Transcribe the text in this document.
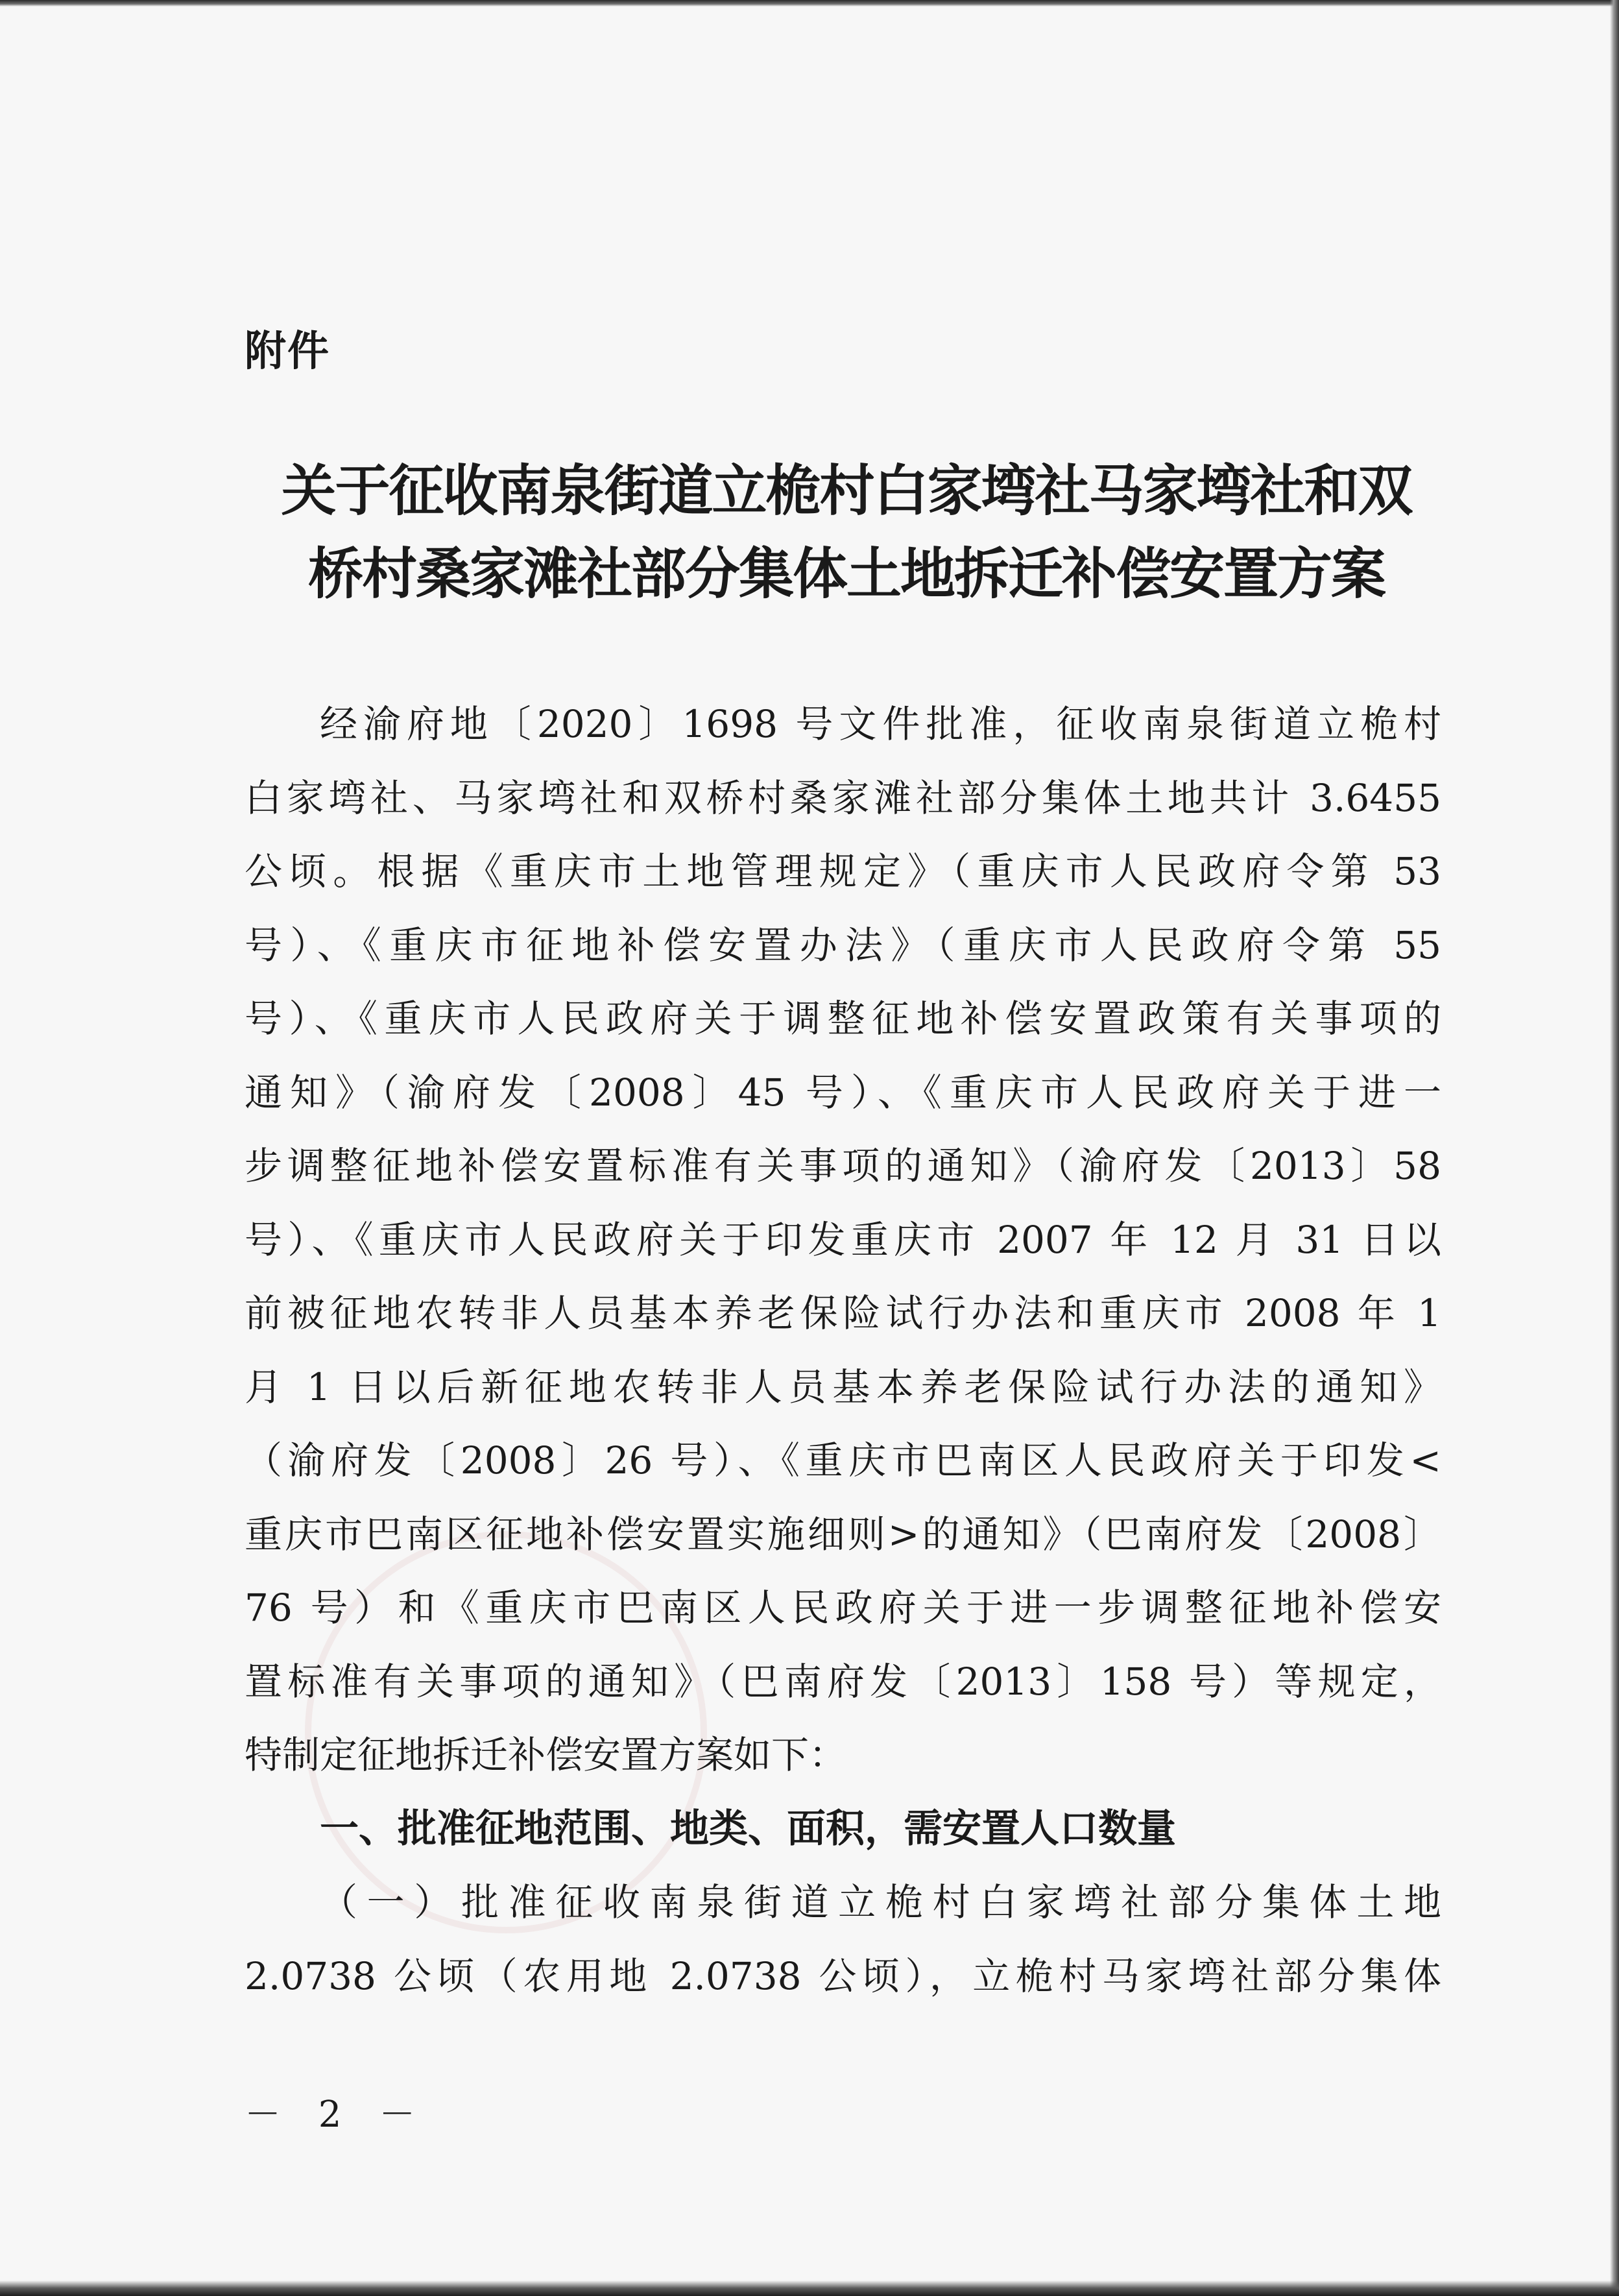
附件
关于征收南泉街道立桅村白家塆社马家塆社和双
桥村桑家滩社部分集体土地拆迁补偿安置方案
经渝府地〔2020〕1698 号文件批准，征收南泉街道立桅村
白家塆社、马家塆社和双桥村桑家滩社部分集体土地共计 3.6455
公顷。根据《重庆市土地管理规定》（重庆市人民政府令第 53
号）、《重庆市征地补偿安置办法》（重庆市人民政府令第 55
号）、《重庆市人民政府关于调整征地补偿安置政策有关事项的
通知》（渝府发〔2008〕45 号）、《重庆市人民政府关于进一
步调整征地补偿安置标准有关事项的通知》（渝府发〔2013〕58
号）、《重庆市人民政府关于印发重庆市 2007 年 12 月 31 日以
前被征地农转非人员基本养老保险试行办法和重庆市 2008 年 1
月 1 日以后新征地农转非人员基本养老保险试行办法的通知》
（渝府发〔2008〕26 号）、《重庆市巴南区人民政府关于印发<
重庆市巴南区征地补偿安置实施细则>的通知》（巴南府发〔2008〕
76 号）和《重庆市巴南区人民政府关于进一步调整征地补偿安
置标准有关事项的通知》（巴南府发〔2013〕158 号）等规定，
特制定征地拆迁补偿安置方案如下：
一、批准征地范围、地类、面积，需安置人口数量
（一）批准征收南泉街道立桅村白家塆社部分集体土地
2.0738 公顷（农用地 2.0738 公顷），立桅村马家塆社部分集体
－ 2 －
